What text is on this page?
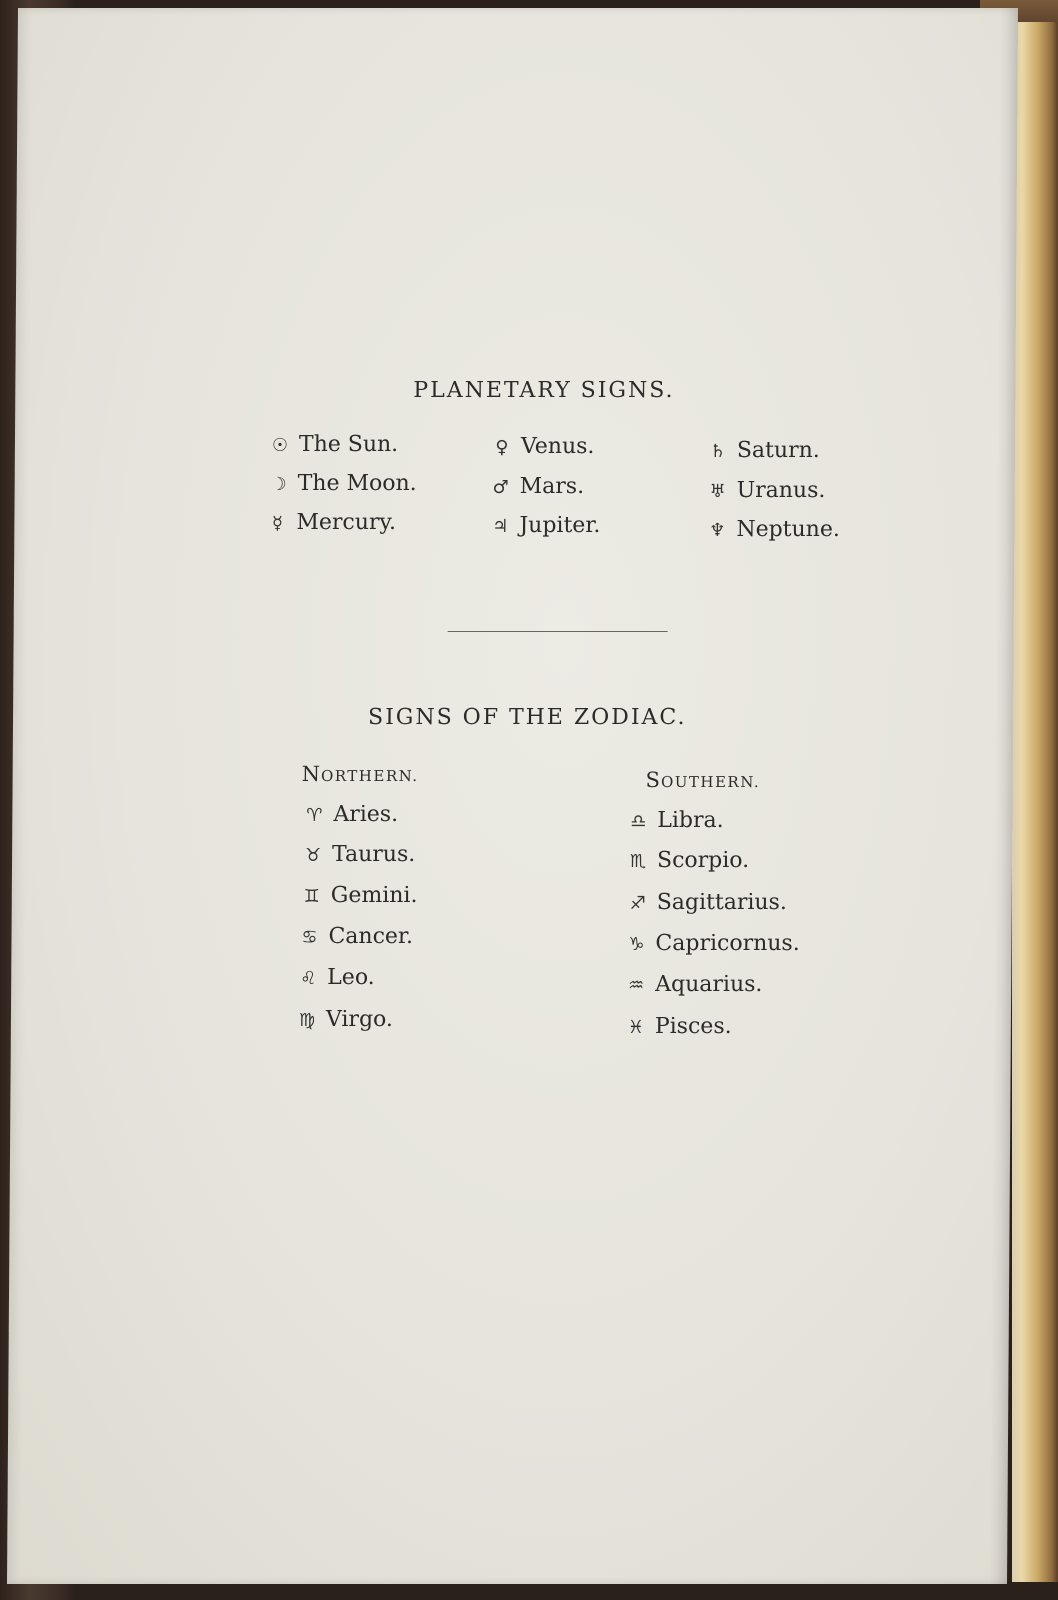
PLANETARY SIGNS.
☉ The Sun.
☽ The Moon.
☿ Mercury.
♀ Venus.
♂ Mars.
♃ Jupiter.
♄ Saturn.
♅ Uranus.
♆ Neptune.
SIGNS OF THE ZODIAC.
NORTHERN.	SOUTHERN.
♈ Aries.
♉ Taurus.
♊ Gemini.
♋ Cancer.
♌ Leo.
♍ Virgo.
♎ Libra.
♏ Scorpio.
♐ Sagittarius.
♑ Capricornus.
♒ Aquarius.
♓ Pisces.
